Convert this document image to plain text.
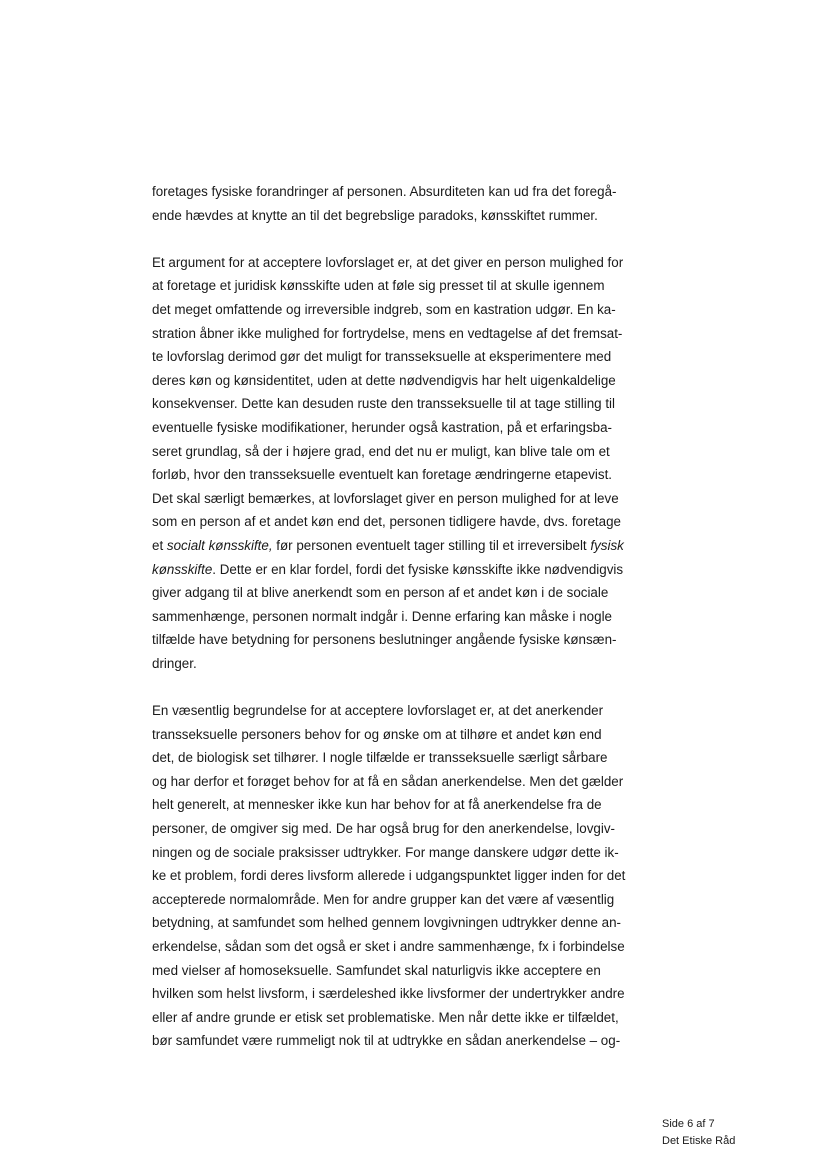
foretages fysiske forandringer af personen. Absurditeten kan ud fra det foregå-
ende hævdes at knytte an til det begrebslige paradoks, kønsskiftet rummer.
Et argument for at acceptere lovforslaget er, at det giver en person mulighed for
at foretage et juridisk kønsskifte uden at føle sig presset til at skulle igennem
det meget omfattende og irreversible indgreb, som en kastration udgør. En ka-
stration åbner ikke mulighed for fortrydelse, mens en vedtagelse af det fremsat-
te lovforslag derimod gør det muligt for transseksuelle at eksperimentere med
deres køn og kønsidentitet, uden at dette nødvendigvis har helt uigenkaldelige
konsekvenser. Dette kan desuden ruste den transseksuelle til at tage stilling til
eventuelle fysiske modifikationer, herunder også kastration, på et erfaringsba-
seret grundlag, så der i højere grad, end det nu er muligt, kan blive tale om et
forløb, hvor den transseksuelle eventuelt kan foretage ændringerne etapevist.
Det skal særligt bemærkes, at lovforslaget giver en person mulighed for at leve
som en person af et andet køn end det, personen tidligere havde, dvs. foretage
et socialt kønsskifte, før personen eventuelt tager stilling til et irreversibelt fysisk
kønsskifte. Dette er en klar fordel, fordi det fysiske kønsskifte ikke nødvendigvis
giver adgang til at blive anerkendt som en person af et andet køn i de sociale
sammenhænge, personen normalt indgår i. Denne erfaring kan måske i nogle
tilfælde have betydning for personens beslutninger angående fysiske kønsæn-
dringer.
En væsentlig begrundelse for at acceptere lovforslaget er, at det anerkender
transseksuelle personers behov for og ønske om at tilhøre et andet køn end
det, de biologisk set tilhører. I nogle tilfælde er transseksuelle særligt sårbare
og har derfor et forøget behov for at få en sådan anerkendelse. Men det gælder
helt generelt, at mennesker ikke kun har behov for at få anerkendelse fra de
personer, de omgiver sig med. De har også brug for den anerkendelse, lovgiv-
ningen og de sociale praksisser udtrykker. For mange danskere udgør dette ik-
ke et problem, fordi deres livsform allerede i udgangspunktet ligger inden for det
accepterede normalområde. Men for andre grupper kan det være af væsentlig
betydning, at samfundet som helhed gennem lovgivningen udtrykker denne an-
erkendelse, sådan som det også er sket i andre sammenhænge, fx i forbindelse
med vielser af homoseksuelle. Samfundet skal naturligvis ikke acceptere en
hvilken som helst livsform, i særdeleshed ikke livsformer der undertrykker andre
eller af andre grunde er etisk set problematiske. Men når dette ikke er tilfældet,
bør samfundet være rummeligt nok til at udtrykke en sådan anerkendelse – og-
Side 6 af 7
Det Etiske Råd
